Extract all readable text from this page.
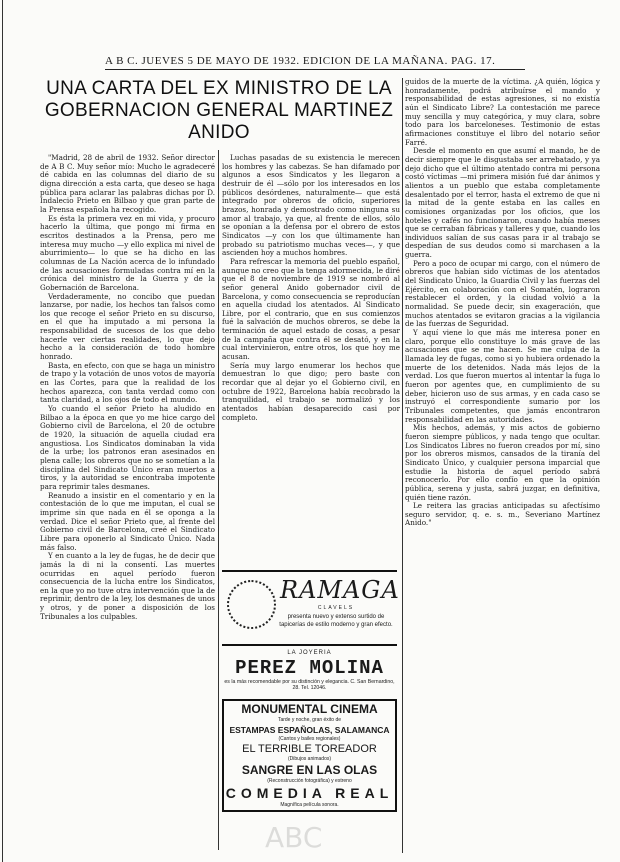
A B C. JUEVES 5 DE MAYO DE 1932. EDICION DE LA MAÑANA. PAG. 17.
UNA CARTA DEL EX MINISTRO DE LA GOBERNACION GENERAL MARTINEZ ANIDO

"Madrid, 28 de abril de 1932. Señor director de A B C. Muy señor mío: Mucho le agradeceré dé cabida en las columnas del diario de su digna dirección a esta carta, que deseo se haga pública para aclarar las palabras dichas por D. Indalecio Prieto en Bilbao y que gran parte de la Prensa española ha recogido.

Es ésta la primera vez en mi vida, y procuro hacerlo la última, que pongo mi firma en escritos destinados a la Prensa, pero me interesa muy mucho —y ello explica mi nivel de aburrimiento— lo que se ha dicho en las columnas de La Nación acerca de lo infundado de las acusaciones formuladas contra mí en la crónica del ministro de la Guerra y de la Gobernación de Barcelona.

Verdaderamente, no concibo que puedan lanzarse, por nadie, los hechos tan falsos como los que recoge el señor Prieto en su discurso, en el que ha imputado a mi persona la responsabilidad de sucesos de los que debo hacerle ver ciertas realidades, lo que dejo hecho a la consideración de todo hombre honrado.

Basta, en efecto, con que se haga un ministro de trapo y la votación de unos votos de mayoría en las Cortes, para que la realidad de los hechos aparezca, con tanta verdad como con tanta claridad, a los ojos de todo el mundo.

Yo cuando el señor Prieto ha aludido en Bilbao a la época en que yo me hice cargo del Gobierno civil de Barcelona, el 20 de octubre de 1920, la situación de aquella ciudad era angustiosa. Los Sindicatos dominaban la vida de la urbe; los patronos eran asesinados en plena calle; los obreros que no se sometían a la disciplina del Sindicato Único eran muertos a tiros, y la autoridad se encontraba impotente para reprimir tales desmanes.

Reanudo a insistir en el comentario y en la contestación de lo que me imputan, el cual se imprime sin que nada en él se oponga a la verdad. Dice el señor Prieto que, al frente del Gobierno civil de Barcelona, creé el Sindicato Libre para oponerlo al Sindicato Único. Nada más falso.

Y en cuanto a la ley de fugas, he de decir que jamás la di ni la consentí. Las muertes ocurridas en aquel período fueron consecuencia de la lucha entre los Sindicatos, en la que yo no tuve otra intervención que la de reprimir, dentro de la ley, los desmanes de unos y otros, y de poner a disposición de los Tribunales a los culpables.

Luchas pasadas de su existencia le merecen los hombres y las cabezas. Se han difamado por algunos a esos Sindicatos y les llegaron a destruir de él —sólo por los interesados en los públicos desórdenes, naturalmente— que está integrado por obreros de oficio, superiores brazos, honrada y demostrado como ninguna su amor al trabajo, ya que, al frente de ellos, sólo se oponían a la defensa por el obrero de estos Sindicatos —y con los que últimamente han probado su patriotismo muchas veces—, y que ascienden hoy a muchos hombres.

Para refrescar la memoria del pueblo español, aunque no creo que la tenga adormecida, le diré que el 8 de noviembre de 1919 se nombró al señor general Anido gobernador civil de Barcelona, y como consecuencia se reproducían en aquella ciudad los atentados. Al Sindicato Libre, por el contrario, que en sus comienzos fué la salvación de muchos obreros, se debe la terminación de aquel estado de cosas, a pesar de la campaña que contra él se desató, y en la cual intervinieron, entre otros, los que hoy me acusan.

Sería muy largo enumerar los hechos que demuestran lo que digo; pero baste con recordar que al dejar yo el Gobierno civil, en octubre de 1922, Barcelona había recobrado la tranquilidad, el trabajo se normalizó y los atentados habían desaparecido casi por completo.

RAMAGA
CLAVELS
presenta nuevo y extenso surtido de tapicerías de estilo moderno y gran efecto.
LA JOYERIA
PEREZ MOLINA
es la más recomendable por su distinción y elegancia. C. San Bernardino, 28. Tel. 12046.
MONUMENTAL CINEMA
Tarde y noche, gran éxito de
ESTAMPAS ESPAÑOLAS, SALAMANCA
(Cantos y bailes regionales)
EL TERRIBLE TOREADOR
(Dibujos animados)
SANGRE EN LAS OLAS
(Reconstrucción fotográfica) y estreno
COMEDIA REAL
Magnífica película sonora.
ABC

guidos de la muerte de la víctima. ¿A quién, lógica y honradamente, podrá atribuírse el mando y responsabilidad de estas agresiones, si no existía aún el Sindicato Libre? La contestación me parece muy sencilla y muy categórica, y muy clara, sobre todo para los barceloneses. Testimonio de estas afirmaciones constituye el libro del notario señor Farré.

Desde el momento en que asumí el mando, he de decir siempre que le disgustaba ser arrebatado, y ya dejo dicho que el último atentado contra mi persona costó víctimas —mi primera misión fué dar ánimos y alientos a un pueblo que estaba completamente desalentado por el terror, hasta el extremo de que ni la mitad de la gente estaba en las calles en comisiones organizadas por los oficios, que los hoteles y cafés no funcionaron, cuando había meses que se cerraban fábricas y talleres y que, cuando los individuos salían de sus casas para ir al trabajo se despedían de sus deudos como si marchasen a la guerra.

Pero a poco de ocupar mi cargo, con el número de obreros que habían sido víctimas de los atentados del Sindicato Único, la Guardia Civil y las fuerzas del Ejército, en colaboración con el Somatén, lograron restablecer el orden, y la ciudad volvió a la normalidad. Se puede decir, sin exageración, que muchos atentados se evitaron gracias a la vigilancia de las fuerzas de Seguridad.

Y aquí viene lo que más me interesa poner en claro, porque ello constituye lo más grave de las acusaciones que se me hacen. Se me culpa de la llamada ley de fugas, como si yo hubiera ordenado la muerte de los detenidos. Nada más lejos de la verdad. Los que fueron muertos al intentar la fuga lo fueron por agentes que, en cumplimiento de su deber, hicieron uso de sus armas, y en cada caso se instruyó el correspondiente sumario por los Tribunales competentes, que jamás encontraron responsabilidad en las autoridades.

Mis hechos, además, y mis actos de gobierno fueron siempre públicos, y nada tengo que ocultar. Los Sindicatos Libres no fueron creados por mí, sino por los obreros mismos, cansados de la tiranía del Sindicato Único, y cualquier persona imparcial que estudie la historia de aquel período sabrá reconocerlo. Por ello confío en que la opinión pública, serena y justa, sabrá juzgar, en definitiva, quién tiene razón.

Le reitera las gracias anticipadas su afectísimo seguro servidor, q. e. s. m., Severiano Martínez Anido."
